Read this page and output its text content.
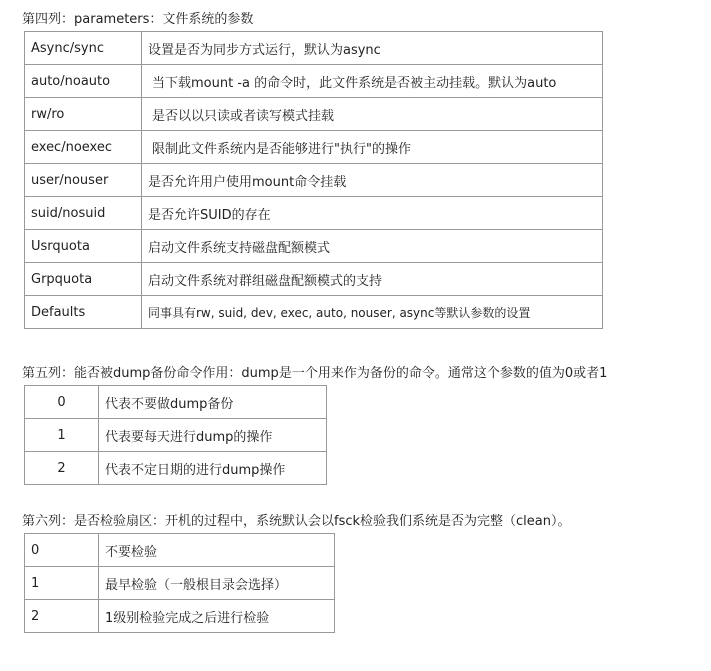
第四列：parameters：文件系统的参数
Async/sync	设置是否为同步方式运行，默认为async
auto/noauto	当下载mount -a 的命令时，此文件系统是否被主动挂载。默认为auto
rw/ro	是否以以只读或者读写模式挂载
exec/noexec	限制此文件系统内是否能够进行"执行"的操作
user/nouser	是否允许用户使用mount命令挂载
suid/nosuid	是否允许SUID的存在
Usrquota	启动文件系统支持磁盘配额模式
Grpquota	启动文件系统对群组磁盘配额模式的支持
Defaults	同事具有rw, suid, dev, exec, auto, nouser, async等默认参数的设置
第五列：能否被dump备份命令作用：dump是一个用来作为备份的命令。通常这个参数的值为0或者1
0	代表不要做dump备份
1	代表要每天进行dump的操作
2	代表不定日期的进行dump操作
第六列：是否检验扇区：开机的过程中，系统默认会以fsck检验我们系统是否为完整（clean）。
0	不要检验
1	最早检验（一般根目录会选择）
2	1级别检验完成之后进行检验
